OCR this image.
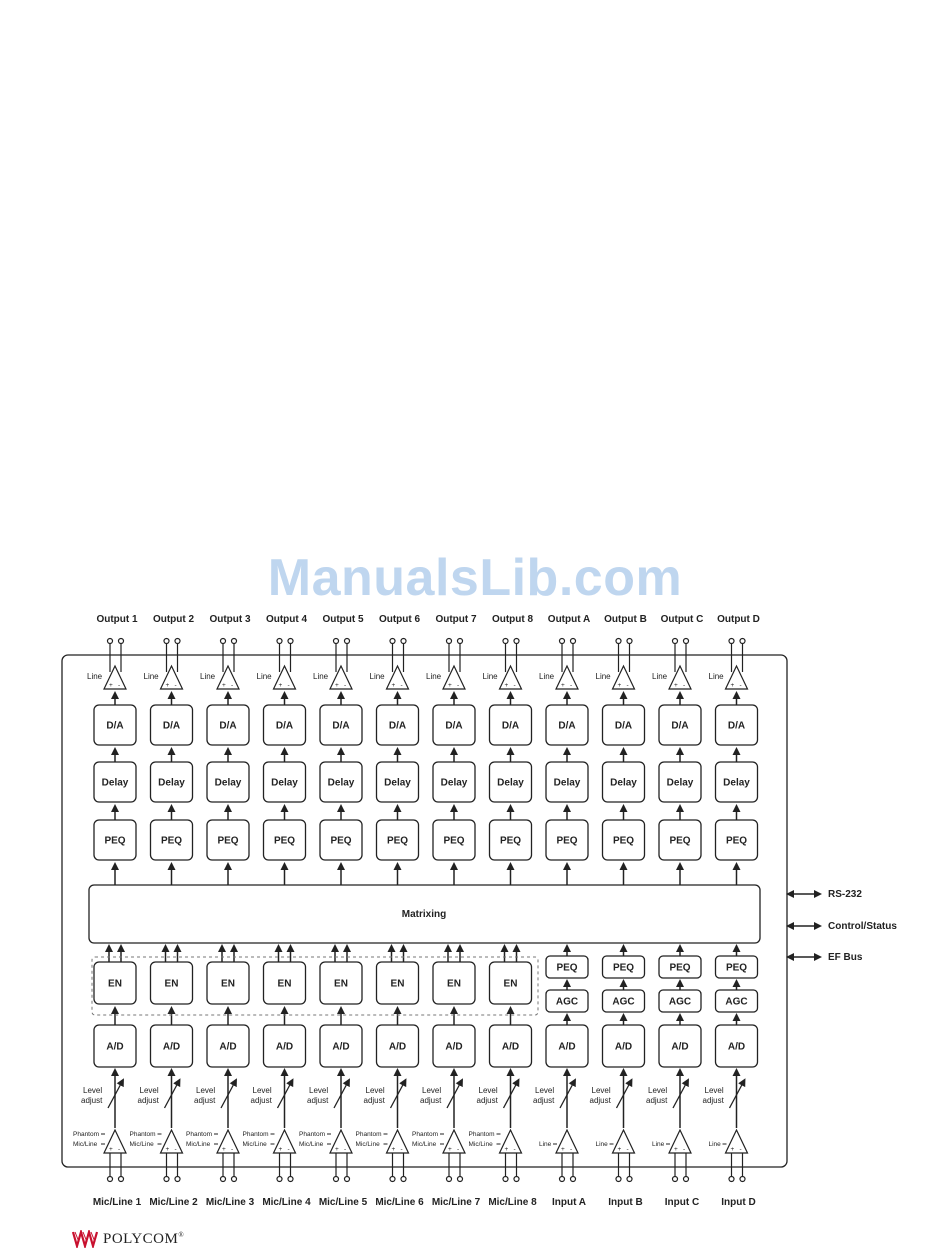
Output 1
Line
+ -
D/A
Delay
PEQ
EN
A/D
Level
adjust
+ -
Phantom
Mic/Line
Mic/Line 1
Output 2
Line
+ -
D/A
Delay
PEQ
EN
A/D
Level
adjust
+ -
Phantom
Mic/Line
Mic/Line 2
Output 3
Line
+ -
D/A
Delay
PEQ
EN
A/D
Level
adjust
+ -
Phantom
Mic/Line
Mic/Line 3
Output 4
Line
+ -
D/A
Delay
PEQ
EN
A/D
Level
adjust
+ -
Phantom
Mic/Line
Mic/Line 4
Output 5
Line
+ -
D/A
Delay
PEQ
EN
A/D
Level
adjust
+ -
Phantom
Mic/Line
Mic/Line 5
Output 6
Line
+ -
D/A
Delay
PEQ
EN
A/D
Level
adjust
+ -
Phantom
Mic/Line
Mic/Line 6
Output 7
Line
+ -
D/A
Delay
PEQ
EN
A/D
Level
adjust
+ -
Phantom
Mic/Line
Mic/Line 7
Output 8
Line
+ -
D/A
Delay
PEQ
EN
A/D
Level
adjust
+ -
Phantom
Mic/Line
Mic/Line 8
Output A
Line
+ -
D/A
Delay
PEQ
PEQ
AGC
A/D
Level
adjust
+ -
Line
Input A
Output B
Line
+ -
D/A
Delay
PEQ
PEQ
AGC
A/D
Level
adjust
+ -
Line
Input B
Output C
Line
+ -
D/A
Delay
PEQ
PEQ
AGC
A/D
Level
adjust
+ -
Line
Input C
Output D
Line
+ -
D/A
Delay
PEQ
PEQ
AGC
A/D
Level
adjust
+ -
Line
Input D
Matrixing
RS-232
Control/Status
EF Bus
ManualsLib.com
POLYCOM®
